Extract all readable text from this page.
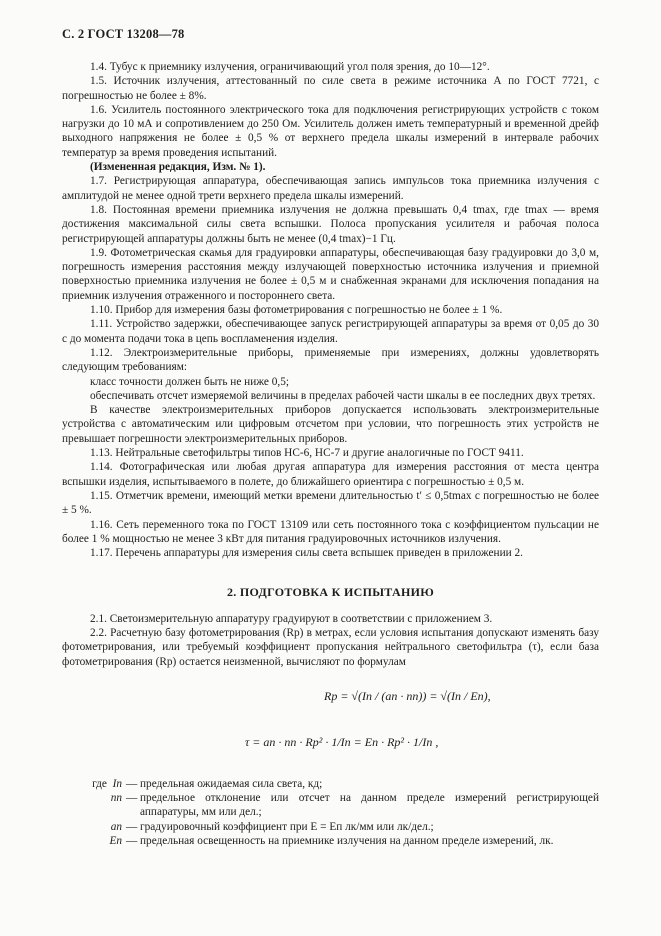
С. 2 ГОСТ 13208—78

1.4. Тубус к приемнику излучения, ограничивающий угол поля зрения, до 10—12°.

1.5. Источник излучения, аттестованный по силе света в режиме источника А по ГОСТ 7721, с погрешностью не более ± 8%.

1.6. Усилитель постоянного электрического тока для подключения регистрирующих устройств с током нагрузки до 10 мА и сопротивлением до 250 Ом. Усилитель должен иметь температурный и временной дрейф выходного напряжения не более ± 0,5 % от верхнего предела шкалы измерений в интервале рабочих температур за время проведения испытаний.

(Измененная редакция, Изм. № 1).

1.7. Регистрирующая аппаратура, обеспечивающая запись импульсов тока приемника излучения с амплитудой не менее одной трети верхнего предела шкалы измерений.

1.8. Постоянная времени приемника излучения не должна превышать 0,4 tmax, где tmax — время достижения максимальной силы света вспышки. Полоса пропускания усилителя и рабочая полоса регистрирующей аппаратуры должны быть не менее (0,4 tmax)−1 Гц.

1.9. Фотометрическая скамья для градуировки аппаратуры, обеспечивающая базу градуировки до 3,0 м, погрешность измерения расстояния между излучающей поверхностью источника излучения и приемной поверхностью приемника излучения не более ± 0,5 м и снабженная экранами для исключения попадания на приемник излучения отраженного и постороннего света.

1.10. Прибор для измерения базы фотометрирования с погрешностью не более ± 1 %.

1.11. Устройство задержки, обеспечивающее запуск регистрирующей аппаратуры за время от 0,05 до 30 с до момента подачи тока в цепь воспламенения изделия.

1.12. Электроизмерительные приборы, применяемые при измерениях, должны удовлетворять следующим требованиям:

класс точности должен быть не ниже 0,5;

обеспечивать отсчет измеряемой величины в пределах рабочей части шкалы в ее последних двух третях.

В качестве электроизмерительных приборов допускается использовать электроизмерительные устройства с автоматическим или цифровым отсчетом при условии, что погрешность этих устройств не превышает погрешности электроизмерительных приборов.

1.13. Нейтральные светофильтры типов НС-6, НС-7 и другие аналогичные по ГОСТ 9411.

1.14. Фотографическая или любая другая аппаратура для измерения расстояния от места центра вспышки изделия, испытываемого в полете, до ближайшего ориентира с погрешностью ± 0,5 м.

1.15. Отметчик времени, имеющий метки времени длительностью t′ ≤ 0,5tmax с погрешностью не более ± 5 %.

1.16. Сеть переменного тока по ГОСТ 13109 или сеть постоянного тока с коэффициентом пульсации не более 1 % мощностью не менее 3 кВт для питания градуировочных источников излучения.

1.17. Перечень аппаратуры для измерения силы света вспышек приведен в приложении 2.

2. ПОДГОТОВКА К ИСПЫТАНИЮ

2.1. Светоизмерительную аппаратуру градуируют в соответствии с приложением 3.

2.2. Расчетную базу фотометрирования (Rр) в метрах, если условия испытания допускают изменять базу фотометрирования, или требуемый коэффициент пропускания нейтрального светофильтра (τ), если база фотометрирования (Rр) остается неизменной, вычисляют по формулам

Rр = √(Iп / (aп · nп)) = √(Iп / Eп),
τ = aп · nп · Rр² · 1/Iп = Eп · Rр² · 1/Iп ,
где Iп — предельная ожидаемая сила света, кд;
nп — предельное отклонение или отсчет на данном пределе измерений регистрирующей аппаратуры, мм или дел.;
aп — градуировочный коэффициент при E = Eп лк/мм или лк/дел.;
Eп — предельная освещенность на приемнике излучения на данном пределе измерений, лк.
